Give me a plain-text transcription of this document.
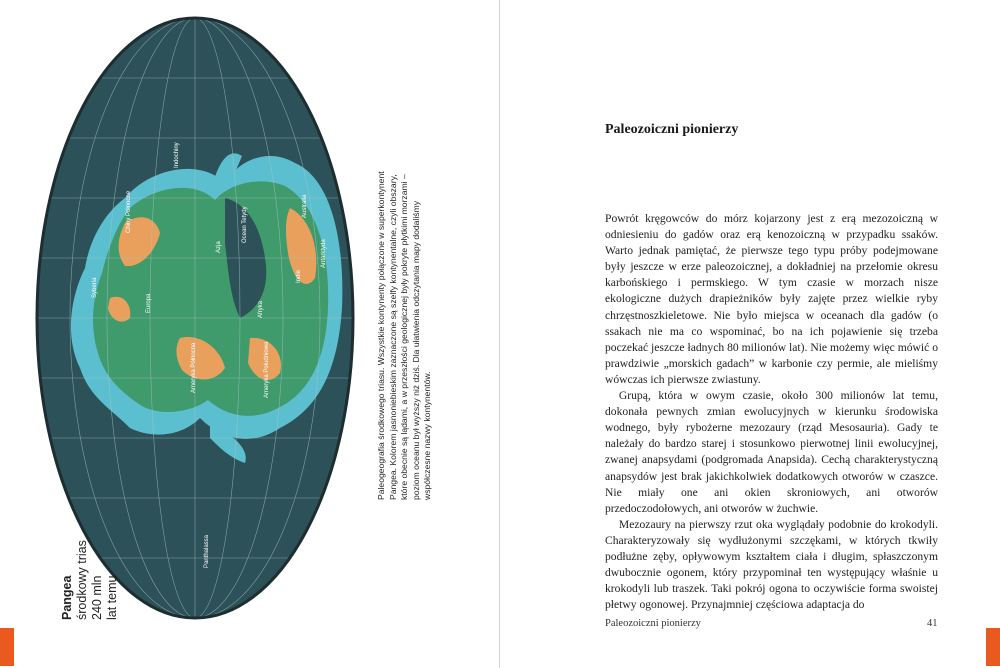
Indochiny
Chiny Północne
Azja
Syberia
Europa
Ocean Tetydy
Australia
Antarktyda
Indie
Afryka
Ameryka Północna	Ameryka Południowa
Panthalassa
Pangea środkowy trias 240 mln lat temu
Paleogeografia środkowego triasu. Wszystkie kontynenty połączone w superkontynent Pangea. Kolorem jasnoniebieskim zaznaczone są szelfy kontynentalne, czyli obszary, które obecnie są lądami, a w przeszłości geologicznej były pokryte płytkimi morzami – poziom oceanu był wyższy niż dziś. Dla ułatwienia odczytania mapy dodaliśmy współczesne nazwy kontynentów.
Paleozoiczni pionierzy

Powrót kręgowców do mórz kojarzony jest z erą mezozoiczną w odniesieniu do gadów oraz erą kenozoiczną w przypadku ssaków. Warto jednak pamiętać, że pierwsze tego typu próby podejmowane były jeszcze w erze paleozoicznej, a dokładniej na przełomie okresu karbońskiego i permskiego. W tym czasie w morzach nisze ekologiczne dużych drapieżników były zajęte przez wielkie ryby chrzęstnoszkieletowe. Nie było miejsca w oceanach dla gadów (o ssakach nie ma co wspominać, bo na ich pojawienie się trzeba poczekać jeszcze ładnych 80 milionów lat). Nie możemy więc mówić o prawdziwie „morskich gadach” w karbonie czy permie, ale mieliśmy wówczas ich pierwsze zwiastuny.

Grupą, która w owym czasie, około 300 milionów lat temu, dokonała pewnych zmian ewolucyjnych w kierunku środowiska wodnego, były rybożerne mezozaury (rząd Mesosauria). Gady te należały do bardzo starej i stosunkowo pierwotnej linii ewolucyjnej, zwanej anapsydami (podgromada Anapsida). Cechą charakterystyczną anapsydów jest brak jakichkolwiek dodatkowych otworów w czaszce. Nie miały one ani okien skroniowych, ani otworów przedoczodołowych, ani otworów w żuchwie.

Mezozaury na pierwszy rzut oka wyglądały podobnie do krokodyli. Charakteryzowały się wydłużonymi szczękami, w których tkwiły podłużne zęby, opływowym kształtem ciała i długim, spłaszczonym dwubocznie ogonem, który przypominał ten występujący właśnie u krokodyli lub traszek. Taki pokrój ogona to oczywiście forma swoistej płetwy ogonowej. Przynajmniej częściowa adaptacja do

Paleozoiczni pionierzy	41
